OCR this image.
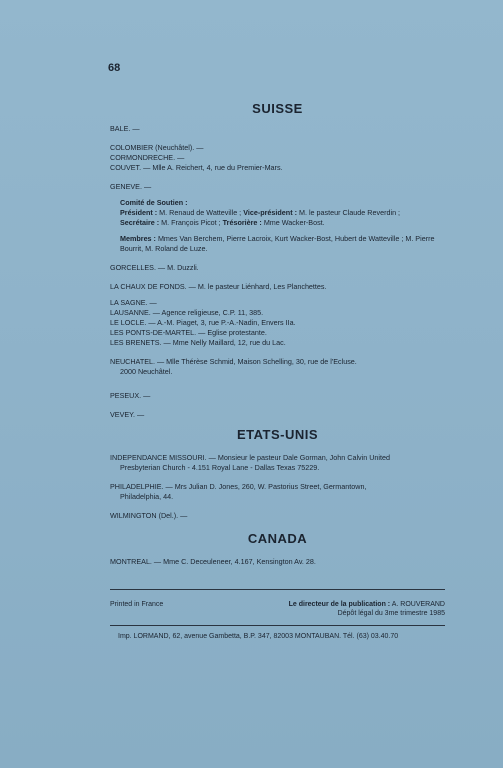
68
SUISSE
BALE. —
COLOMBIER (Neuchâtel). —
CORMONDRECHE. —
COUVET. — Mlle A. Reichert, 4, rue du Premier-Mars.
GENEVE. —
Comité de Soutien :
Président : M. Renaud de Watteville ; Vice-président : M. le pasteur Claude Reverdin ;
Secrétaire : M. François Picot ; Trésorière : Mme Wacker-Bost.
Membres : Mmes Van Berchem, Pierre Lacroix, Kurt Wacker-Bost, Hubert de Watteville ; M. Pierre Bourrit, M. Roland de Luze.
GORCELLES. — M. Duzzli.
LA CHAUX DE FONDS. — M. le pasteur Liénhard, Les Planchettes.
LA SAGNE. —
LAUSANNE. — Agence religieuse, C.P. 11, 385.
LE LOCLE. — A.-M. Piaget, 3, rue P.-A.-Nadin, Envers IIa.
LES PONTS-DE-MARTEL. — Eglise protestante.
LES BRENETS. — Mme Nelly Maillard, 12, rue du Lac.
NEUCHATEL. — Mlle Thérèse Schmid, Maison Schelling, 30, rue de l'Ecluse.
2000 Neuchâtel.
PESEUX. —
VEVEY. —
ETATS-UNIS
INDEPENDANCE MISSOURI. — Monsieur le pasteur Dale Gorman, John Calvin United
Presbyterian Church - 4.151 Royal Lane - Dallas Texas 75229.
PHILADELPHIE. — Mrs Julian D. Jones, 260, W. Pastorius Street, Germantown,
Philadelphia, 44.
WILMINGTON (Del.). —
CANADA
MONTREAL. — Mme C. Deceuleneer, 4.167, Kensington Av. 28.
Printed in France	Le directeur de la publication : A. ROUVERAND
Dépôt légal du 3me trimestre 1985
Imp. LORMAND, 62, avenue Gambetta, B.P. 347, 82003 MONTAUBAN. Tél. (63) 03.40.70
